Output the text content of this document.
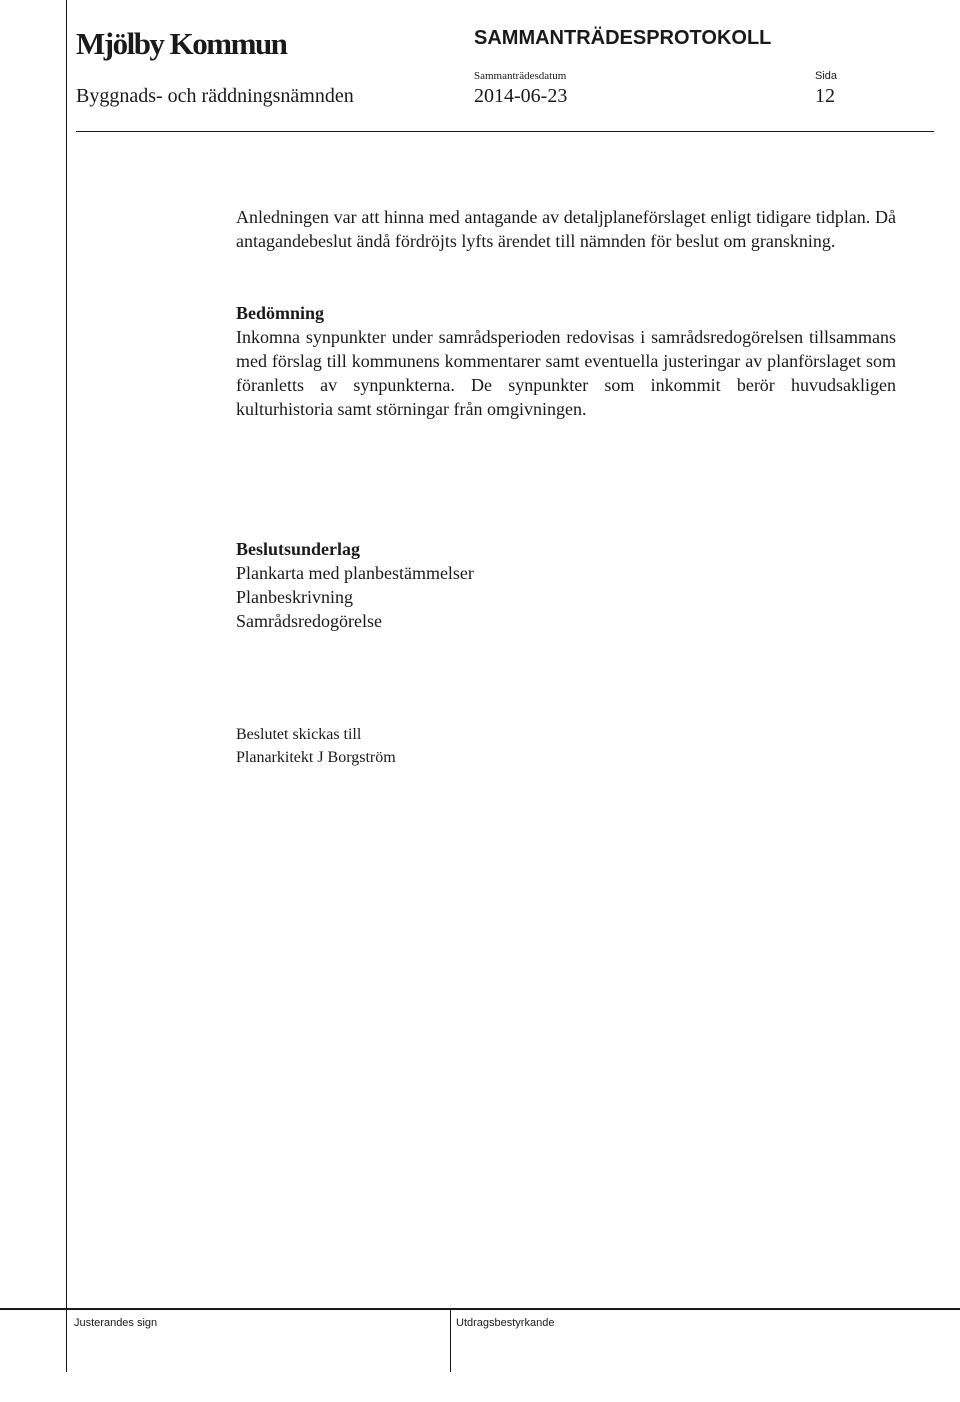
Mjölby Kommun	SAMMANTRÄDESPROTOKOLL
Sammanträdesdatum	Sida
Byggnads- och räddningsnämnden	2014-06-23	12

Anledningen var att hinna med antagande av detaljplaneförslaget enligt tidigare tidplan. Då antagandebeslut ändå fördröjts lyfts ärendet till nämnden för beslut om granskning.

Bedömning

Inkomna synpunkter under samrådsperioden redovisas i samrådsredogörelsen tillsammans med förslag till kommunens kommentarer samt eventuella justeringar av planförslaget som föranletts av synpunkterna. De synpunkter som inkommit berör huvudsakligen kulturhistoria samt störningar från omgivningen.

Beslutsunderlag
Plankarta med planbestämmelser
Planbeskrivning
Samrådsredogörelse
Beslutet skickas till
Planarkitekt J Borgström
Justerandes sign	Utdragsbestyrkande
